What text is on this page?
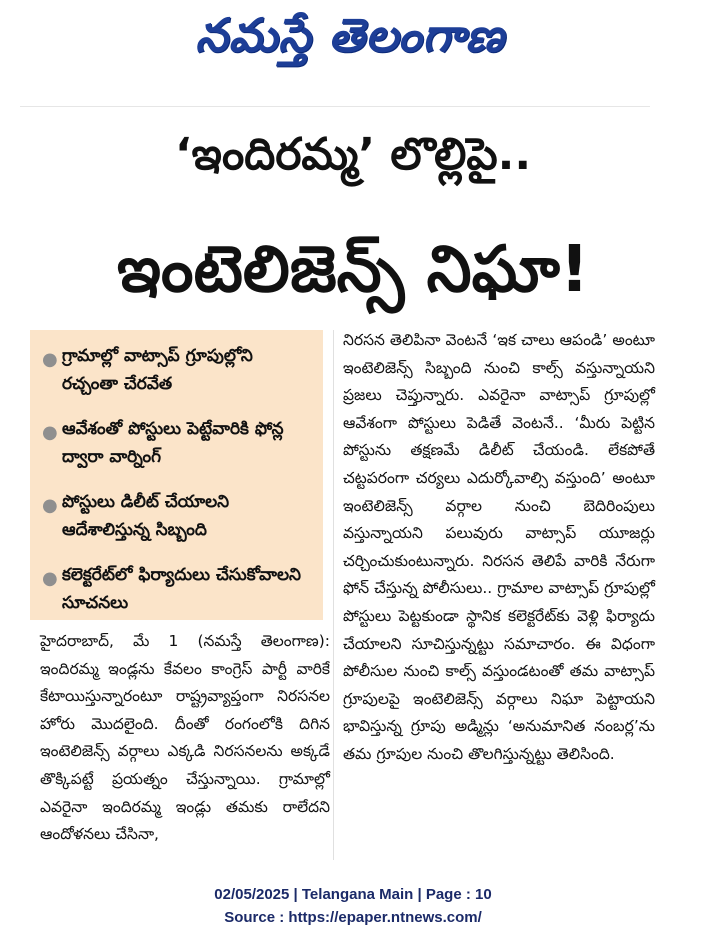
నమస్తే తెలంగాణ
‘ఇందిరమ్మ’ లొల్లిపై..
ఇంటెలిజెన్స్ నిఘా!
● గ్రామాల్లో వాట్సాప్ గ్రూపుల్లోని రచ్చంతా చేరవేత
● ఆవేశంతో పోస్టులు పెట్టేవారికి ఫోన్ల ద్వారా వార్నింగ్
● పోస్టులు డిలీట్ చేయాలని ఆదేశాలిస్తున్న సిబ్బంది
● కలెక్టరేట్‌లో ఫిర్యాదులు చేసుకోవాలని సూచనలు
హైదరాబాద్, మే 1 (నమస్తే తెలంగాణ): ఇందిరమ్మ ఇండ్లను కేవలం కాంగ్రెస్ పార్టీ వారికే కేటాయిస్తున్నారంటూ రాష్ట్రవ్యాప్తంగా నిరసనల హోరు మొదలైంది. దీంతో రంగంలోకి దిగిన ఇంటెలిజెన్స్ వర్గాలు ఎక్కడి నిరసనలను అక్కడే తొక్కిపట్టే ప్రయత్నం చేస్తున్నాయి. గ్రామాల్లో ఎవరైనా ఇందిరమ్మ ఇండ్లు తమకు రాలేదని ఆందోళనలు చేసినా,
నిరసన తెలిపినా వెంటనే ‘ఇక చాలు ఆపండి’ అంటూ ఇంటెలిజెన్స్ సిబ్బంది నుంచి కాల్స్ వస్తున్నాయని ప్రజలు చెప్తున్నారు. ఎవరైనా వాట్సాప్ గ్రూపుల్లో ఆవేశంగా పోస్టులు పెడితే వెంటనే.. ‘మీరు పెట్టిన పోస్టును తక్షణమే డిలీట్ చేయండి. లేకపోతే చట్టపరంగా చర్యలు ఎదుర్కోవాల్సి వస్తుంది’ అంటూ ఇంటెలిజెన్స్ వర్గాల నుంచి బెదిరింపులు వస్తున్నాయని పలువురు వాట్సాప్ యూజర్లు చర్చించుకుంటున్నారు. నిరసన తెలిపే వారికి నేరుగా ఫోన్ చేస్తున్న పోలీసులు.. గ్రామాల వాట్సాప్ గ్రూపుల్లో పోస్టులు పెట్టకుండా స్థానిక కలెక్టరేట్‌కు వెళ్లి ఫిర్యాదు చేయాలని సూచిస్తున్నట్టు సమాచారం. ఈ విధంగా పోలీసుల నుంచి కాల్స్ వస్తుండటంతో తమ వాట్సాప్ గ్రూపులపై ఇంటెలిజెన్స్ వర్గాలు నిఘా పెట్టాయని భావిస్తున్న గ్రూపు అడ్మిన్లు ‘అనుమానిత నంబర్ల’ను తమ గ్రూపుల నుంచి తొలగిస్తున్నట్టు తెలిసింది.
02/05/2025 | Telangana Main | Page : 10
Source : https://epaper.ntnews.com/
